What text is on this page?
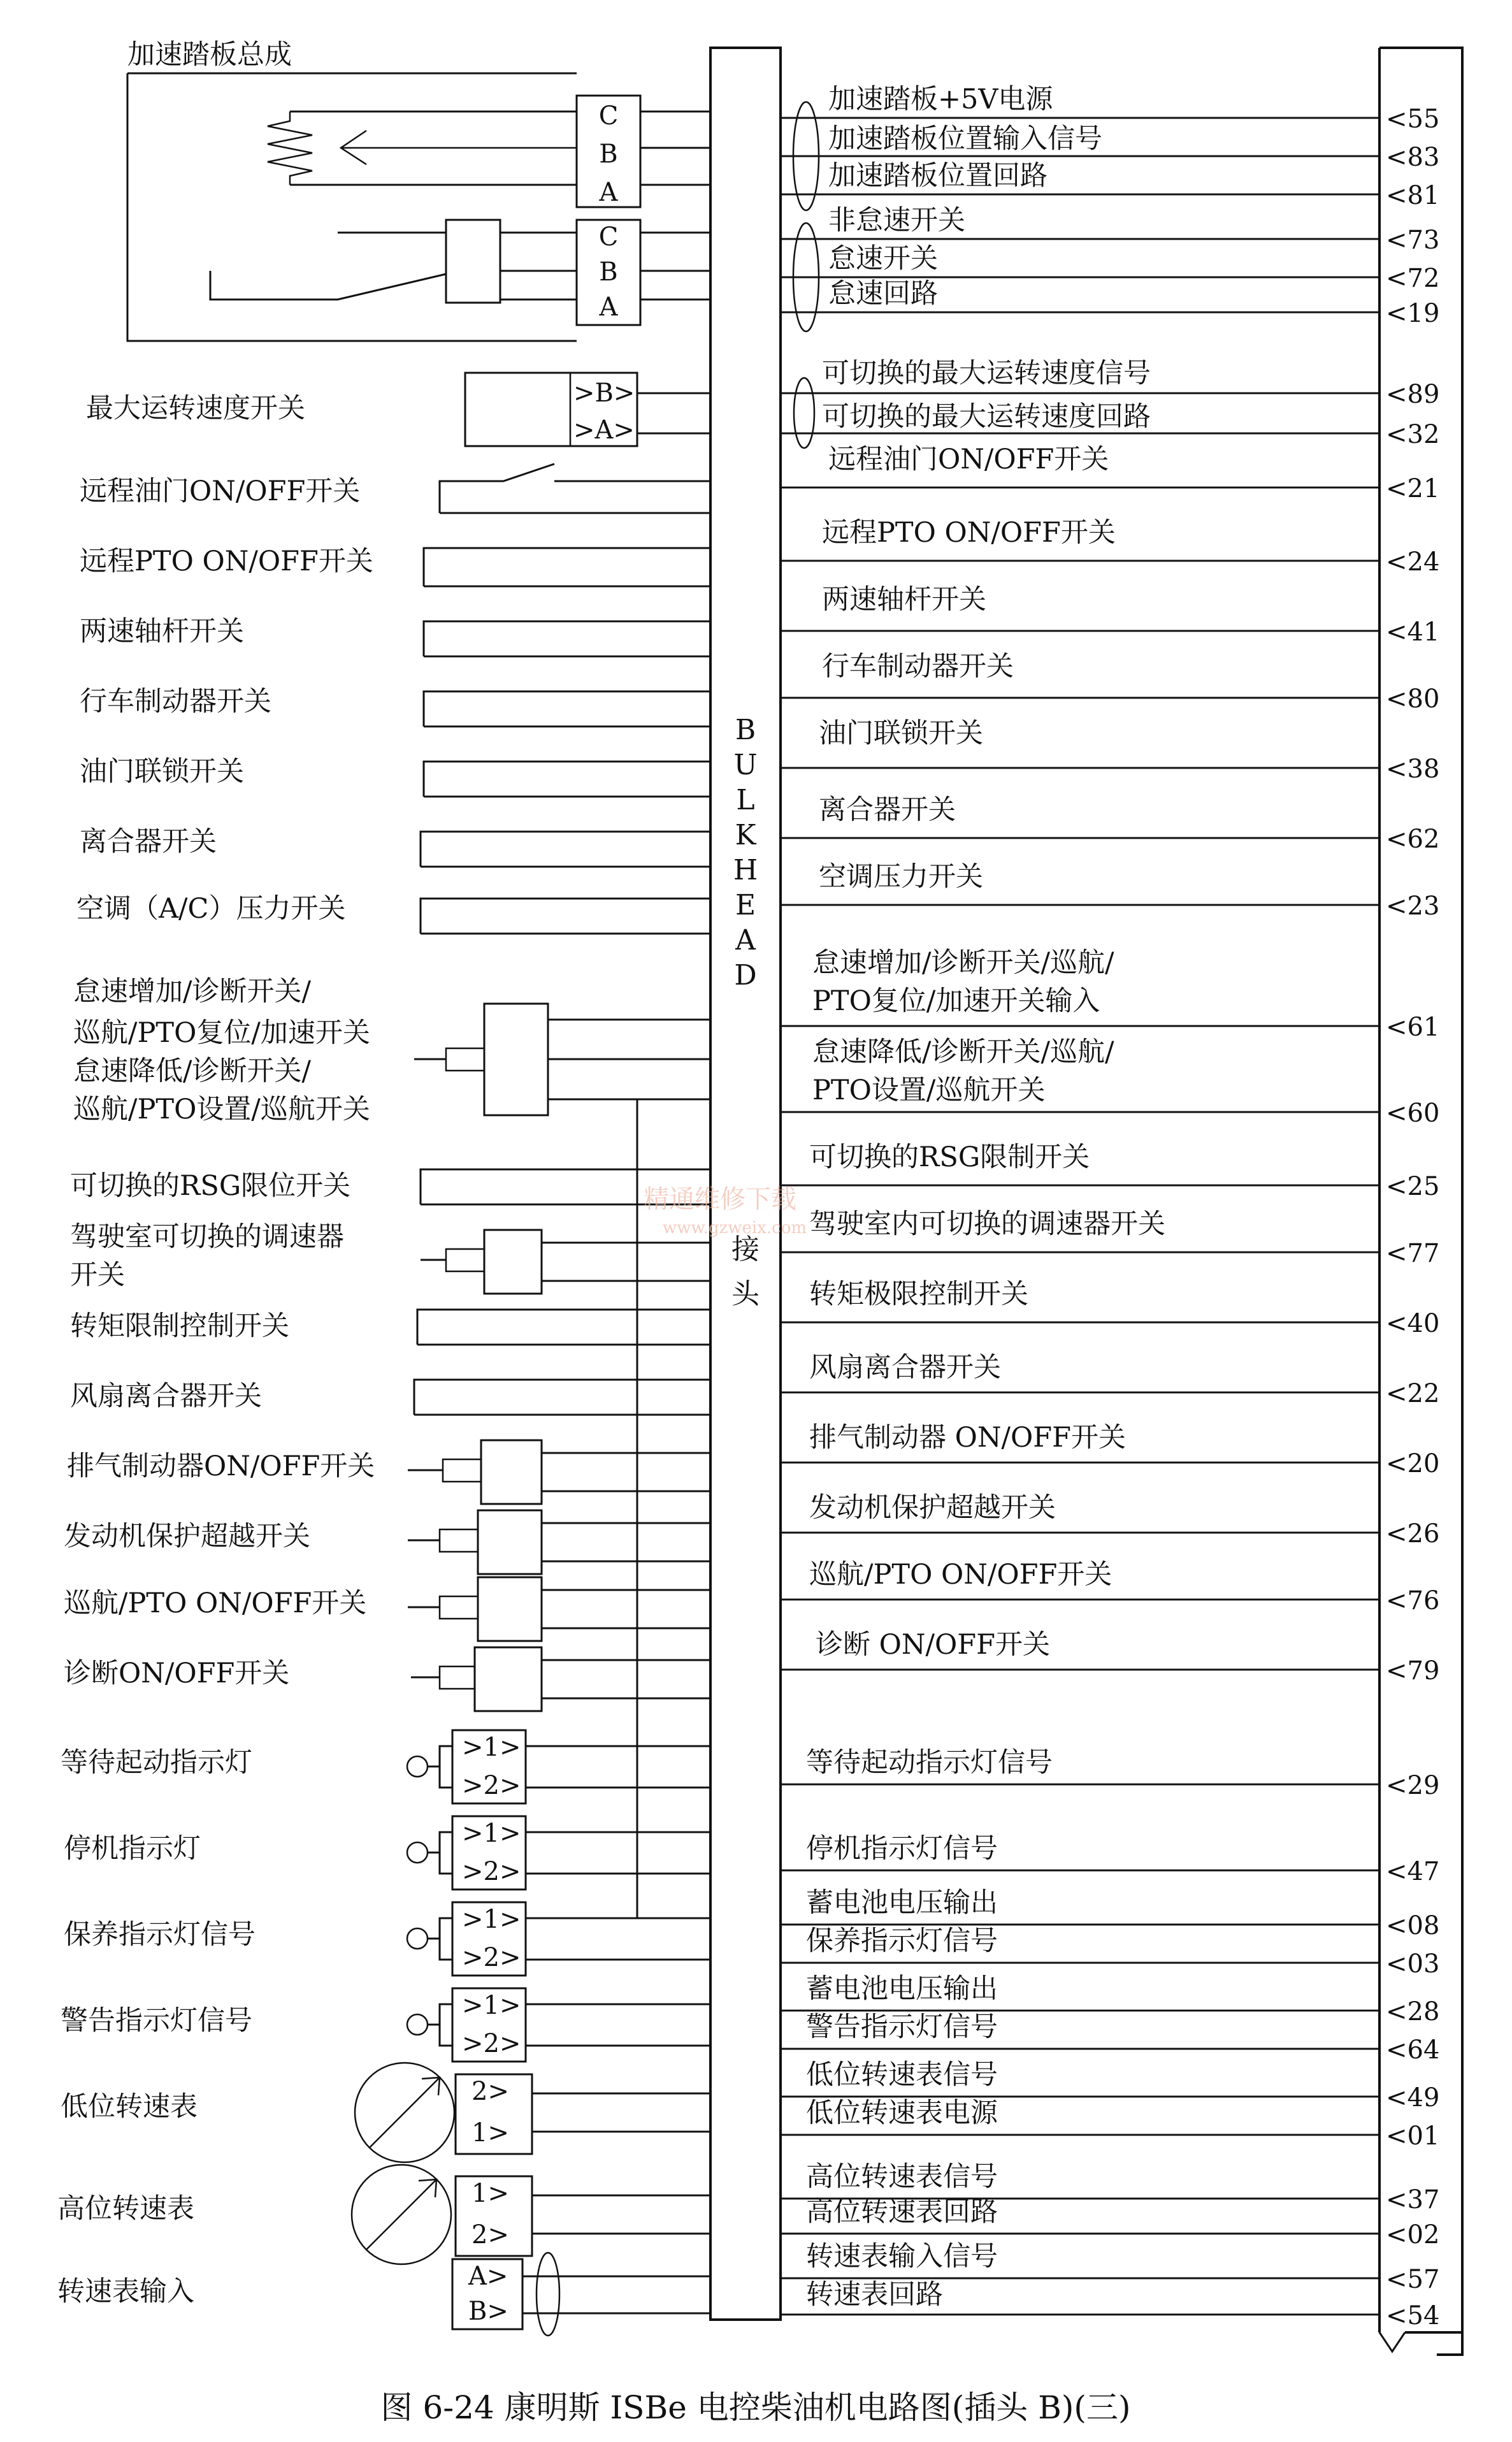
加速踏板总成
C
B
A
C
B
A
B
U
L
K
H
E
A
D
接
头
加速踏板+5V电源
加速踏板位置输入信号
加速踏板位置回路
非怠速开关
怠速开关
怠速回路
可切换的最大运转速度信号
可切换的最大运转速度回路
远程油门ON/OFF开关
远程PTO ON/OFF开关
两速轴杆开关
行车制动器开关
油门联锁开关
离合器开关
空调压力开关
怠速增加/诊断开关/巡航/
PTO复位/加速开关输入
怠速降低/诊断开关/巡航/
PTO设置/巡航开关
可切换的RSG限制开关
驾驶室内可切换的调速器开关
转矩极限控制开关
风扇离合器开关
排气制动器 ON/OFF开关
发动机保护超越开关
巡航/PTO ON/OFF开关
诊断 ON/OFF开关
等待起动指示灯信号
停机指示灯信号
蓄电池电压输出
保养指示灯信号
蓄电池电压输出
警告指示灯信号
低位转速表信号
低位转速表电源
高位转速表信号
高位转速表回路
转速表输入信号
转速表回路
<55
<83
<81
<73
<72
<19
<89
<32
<21
<24
<41
<80
<38
<62
<23
<61
<60
<25
<77
<40
<22
<20
<26
<76
<79
<29
<47
<08
<03
<28
<64
<49
<01
<37
<02
<57
<54
最大运转速度开关
远程油门ON/OFF开关
远程PTO ON/OFF开关
两速轴杆开关
行车制动器开关
油门联锁开关
离合器开关
空调（A/C）压力开关
怠速增加/诊断开关/
巡航/PTO复位/加速开关
怠速降低/诊断开关/
巡航/PTO设置/巡航开关
可切换的RSG限位开关
驾驶室可切换的调速器
开关
转矩限制控制开关
风扇离合器开关
排气制动器ON/OFF开关
发动机保护超越开关
巡航/PTO ON/OFF开关
诊断ON/OFF开关
等待起动指示灯
停机指示灯
保养指示灯信号
警告指示灯信号
低位转速表
高位转速表
转速表输入
>B>
>A>
>1>
>2>
>1>
>2>
>1>
>2>
>1>
>2>
2>
1>
1>
2>
A>
B>
精通维修下载
www.gzweix.com
图 6-24 康明斯 ISBe 电控柴油机电路图(插头 B)(三)
